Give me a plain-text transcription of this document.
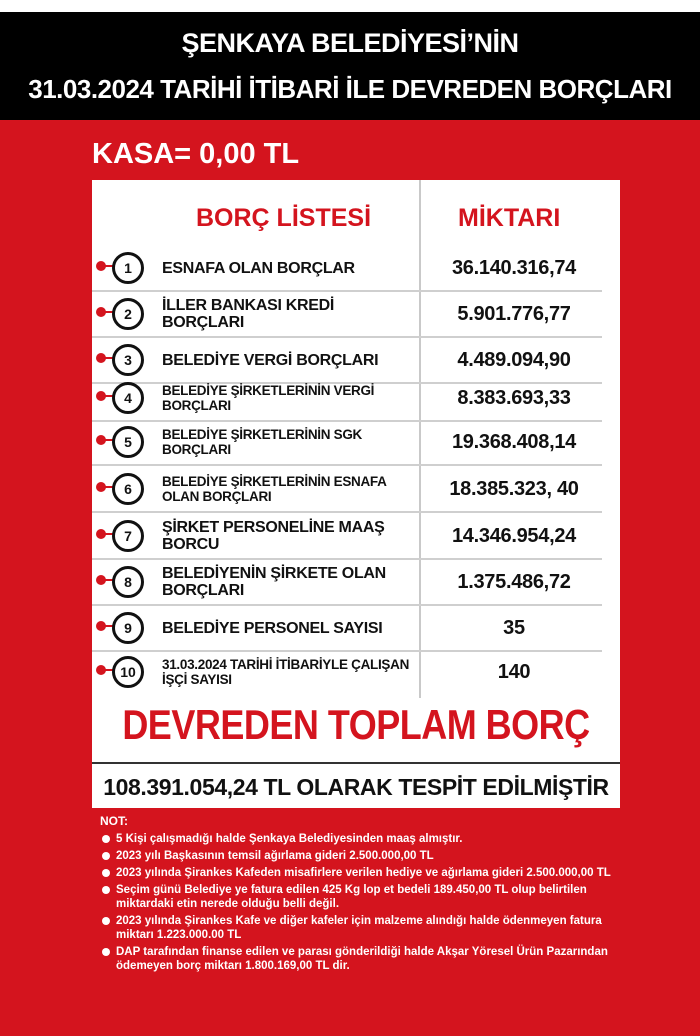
ŞENKAYA BELEDİYESİ’NİN
31.03.2024 TARİHİ İTİBARİ İLE DEVREDEN BORÇLARI
KASA= 0,00 TL
BORÇ LİSTESİ	MİKTARI
1	ESNAFA OLAN BORÇLAR	36.140.316,74
2	İLLER BANKASI KREDİ BORÇLARI	5.901.776,77
3	BELEDİYE VERGİ BORÇLARI	4.489.094,90
4	BELEDİYE ŞİRKETLERİNİN VERGİ BORÇLARI	8.383.693,33
5	BELEDİYE ŞİRKETLERİNİN SGK BORÇLARI	19.368.408,14
6	BELEDİYE ŞİRKETLERİNİN ESNAFA OLAN BORÇLARI	18.385.323, 40
7	ŞİRKET PERSONELİNE MAAŞ BORCU	14.346.954,24
8	BELEDİYENİN ŞİRKETE OLAN BORÇLARI	1.375.486,72
9	BELEDİYE PERSONEL SAYISI	35
10	31.03.2024 TARİHİ İTİBARİYLE ÇALIŞAN İŞÇİ SAYISI	140
DEVREDEN TOPLAM BORÇ
108.391.054,24 TL OLARAK TESPİT EDİLMİŞTİR
NOT:
5 Kişi çalışmadığı halde Şenkaya Belediyesinden maaş almıştır.
2023 yılı Başkasının temsil ağırlama gideri 2.500.000,00 TL
2023 yılında Şirankes Kafeden misafirlere verilen hediye ve ağırlama gideri 2.500.000,00 TL
Seçim günü Belediye ye fatura edilen 425 Kg lop et bedeli 189.450,00 TL olup belirtilen miktardaki etin nerede olduğu belli değil.
2023 yılında Şirankes Kafe ve diğer kafeler için malzeme alındığı halde ödenmeyen fatura miktarı 1.223.000.00 TL
DAP tarafından finanse edilen ve parası gönderildiği halde Akşar Yöresel Ürün Pazarından ödemeyen borç miktarı 1.800.169,00 TL dir.
